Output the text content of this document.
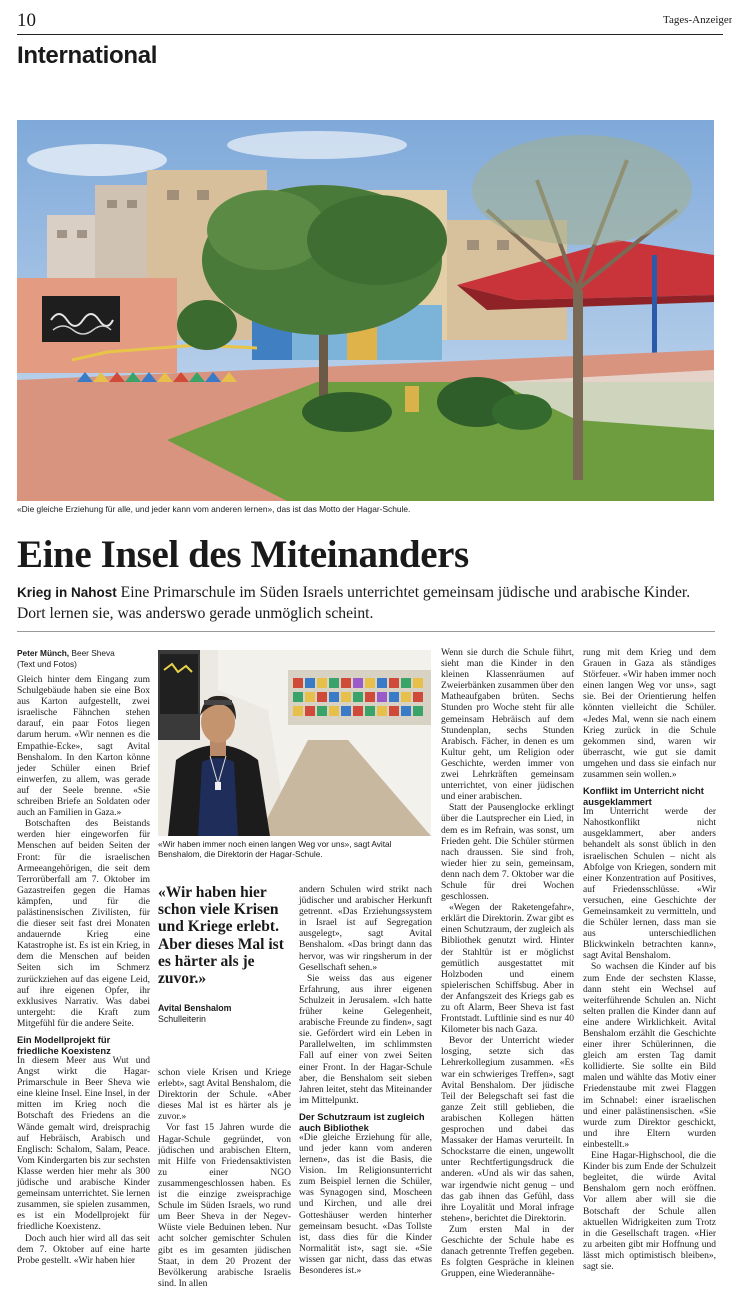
10	Tages-Anzeiger
International
«Die gleiche Erziehung für alle, und jeder kann vom anderen lernen», das ist das Motto der Hagar-Schule.
Eine Insel des Miteinanders
Krieg in Nahost Eine Primarschule im Süden Israels unterrichtet gemeinsam jüdische und arabische Kinder. Dort lernen sie, was anderswo gerade unmöglich scheint.
Peter Münch, Beer Sheva
(Text und Fotos)

Gleich hinter dem Eingang zum Schulgebäude haben sie eine Box aus Karton aufgestellt, zwei israelische Fähnchen stehen darauf, ein paar Fotos liegen darum herum. «Wir nennen es die Empathie-Ecke», sagt Avital Benshalom. In den Karton könne jeder Schüler einen Brief einwerfen, zu allem, was gerade auf der Seele brenne. «Sie schreiben Briefe an Soldaten oder auch an Familien in Gaza.»

Botschaften des Beistands werden hier eingeworfen für Menschen auf beiden Seiten der Front: für die israelischen Armeeangehörigen, die seit dem Terrorüberfall am 7. Oktober im Gazastreifen gegen die Hamas kämpfen, und für die palästinensischen Zivilisten, für die dieser seit fast drei Monaten andauernde Krieg eine Katastrophe ist. Es ist ein Krieg, in dem die Menschen auf beiden Seiten sich im Schmerz zurückziehen auf das eigene Leid, auf ihre eigenen Opfer, ihr exklusives Narrativ. Was dabei untergeht: die Kraft zum Mitgefühl für die andere Seite.

Ein Modellprojekt für friedliche Koexistenz

In diesem Meer aus Wut und Angst wirkt die Hagar-Primarschule in Beer Sheva wie eine kleine Insel. Eine Insel, in der mitten im Krieg noch die Botschaft des Friedens an die Wände gemalt wird, dreisprachig auf Hebräisch, Arabisch und Englisch: Schalom, Salam, Peace. Vom Kindergarten bis zur sechsten Klasse werden hier mehr als 300 jüdische und arabische Kinder gemeinsam unterrichtet. Sie lernen zusammen, sie spielen zusammen, es ist ein Modellprojekt für friedliche Koexistenz.

Doch auch hier wird all das seit dem 7. Oktober auf eine harte Probe gestellt. «Wir haben hier

«Wir haben immer noch einen langen Weg vor uns», sagt Avital Benshalom, die Direktorin der Hagar-Schule.
«Wir haben hier schon viele Krisen und Kriege erlebt. Aber dieses Mal ist es härter als je zuvor.»
Avital Benshalom
Schulleiterin

schon viele Krisen und Kriege erlebt», sagt Avital Benshalom, die Direktorin der Schule. «Aber dieses Mal ist es härter als je zuvor.»

Vor fast 15 Jahren wurde die Hagar-Schule gegründet, von jüdischen und arabischen Eltern, mit Hilfe von Friedensaktivisten zu einer NGO zusammengeschlossen haben. Es ist die einzige zweisprachige Schule im Süden Israels, wo rund um Beer Sheva in der Negev-Wüste viele Beduinen leben. Nur acht solcher gemischter Schulen gibt es im gesamten jüdischen Staat, in dem 20 Prozent der Bevölkerung arabische Israelis sind. In allen

andern Schulen wird strikt nach jüdischer und arabischer Herkunft getrennt. «Das Erziehungssystem in Israel ist auf Segregation ausgelegt», sagt Avital Benshalom. «Das bringt dann das hervor, was wir ringsherum in der Gesellschaft sehen.»

Sie weiss das aus eigener Erfahrung, aus ihrer eigenen Schulzeit in Jerusalem. «Ich hatte früher keine Gelegenheit, arabische Freunde zu finden», sagt sie. Gefördert wird ein Leben in Parallelwelten, im schlimmsten Fall auf einer von zwei Seiten einer Front. In der Hagar-Schule aber, die Benshalom seit sieben Jahren leitet, steht das Miteinander im Mittelpunkt.

Der Schutzraum ist zugleich auch Bibliothek

«Die gleiche Erziehung für alle, und jeder kann vom anderen lernen», das ist die Basis, die Vision. Im Religionsunterricht zum Beispiel lernen die Schüler, was Synagogen sind, Moscheen und Kirchen, und alle drei Gotteshäuser werden hinterher gemeinsam besucht. «Das Tollste ist, dass dies für die Kinder Normalität ist», sagt sie. «Sie wissen gar nicht, dass das etwas Besonderes ist.»

Wenn sie durch die Schule führt, sieht man die Kinder in den kleinen Klassenräumen auf Zweierbänken zusammen über den Matheaufgaben brüten. Sechs Stunden pro Woche steht für alle gemeinsam Hebräisch auf dem Stundenplan, sechs Stunden Arabisch. Fächer, in denen es um Kultur geht, um Religion oder Geschichte, werden immer von zwei Lehrkräften gemeinsam unterrichtet, von einer jüdischen und einer arabischen.

Statt der Pausenglocke erklingt über die Lautsprecher ein Lied, in dem es im Refrain, was sonst, um Frieden geht. Die Schüler stürmen nach draussen. Sie sind froh, wieder hier zu sein, gemeinsam, denn nach dem 7. Oktober war die Schule für drei Wochen geschlossen.

«Wegen der Raketengefahr», erklärt die Direktorin. Zwar gibt es einen Schutzraum, der zugleich als Bibliothek genutzt wird. Hinter der Stahltür ist er möglichst gemütlich ausgestattet mit Holzboden und einem spielerischen Schiffsbug. Aber in der Anfangszeit des Kriegs gab es zu oft Alarm, Beer Sheva ist fast Frontstadt. Luftlinie sind es nur 40 Kilometer bis nach Gaza.

Bevor der Unterricht wieder losging, setzte sich das Lehrerkollegium zusammen. «Es war ein schwieriges Treffen», sagt Avital Benshalom. Der jüdische Teil der Belegschaft sei fast die ganze Zeit still geblieben, die arabischen Kollegen hätten gesprochen und dabei das Massaker der Hamas verurteilt. In Schockstarre die einen, ungewollt unter Rechtfertigungsdruck die anderen. «Und als wir das sahen, war irgendwie nicht genug – und das gab ihnen das Gefühl, dass ihre Loyalität und Moral infrage stehen», berichtet die Direktorin.

Zum ersten Mal in der Geschichte der Schule habe es danach getrennte Treffen gegeben. Es folgten Gespräche in kleinen Gruppen, eine Wiederannähe-

rung mit dem Krieg und dem Grauen in Gaza als ständiges Störfeuer. «Wir haben immer noch einen langen Weg vor uns», sagt sie. Bei der Orientierung helfen könnten vielleicht die Schüler. «Jedes Mal, wenn sie nach einem Krieg zurück in die Schule gekommen sind, waren wir überrascht, wie gut sie damit umgehen und dass sie einfach nur zusammen sein wollen.»

Konflikt im Unterricht nicht ausgeklammert

Im Unterricht werde der Nahostkonflikt nicht ausgeklammert, aber anders behandelt als sonst üblich in den israelischen Schulen – nicht als Abfolge von Kriegen, sondern mit einer Konzentration auf Positives, auf Friedensschlüsse. «Wir versuchen, eine Geschichte der Gemeinsamkeit zu vermitteln, und die Schüler lernen, dass man sie aus unterschiedlichen Blickwinkeln betrachten kann», sagt Avital Benshalom.

So wachsen die Kinder auf bis zum Ende der sechsten Klasse, dann steht ein Wechsel auf weiterführende Schulen an. Nicht selten prallen die Kinder dann auf eine andere Wirklichkeit. Avital Benshalom erzählt die Geschichte einer ihrer Schülerinnen, die gleich am ersten Tag damit kollidierte. Sie sollte ein Bild malen und wählte das Motiv einer Friedenstaube mit zwei Flaggen im Schnabel: einer israelischen und einer palästinensischen. «Sie wurde zum Direktor geschickt, und ihre Eltern wurden einbestellt.»

Eine Hagar-Highschool, die die Kinder bis zum Ende der Schulzeit begleitet, die würde Avital Benshalom gern noch eröffnen. Vor allem aber will sie die Botschaft der Schule allen aktuellen Widrigkeiten zum Trotz in die Gesellschaft tragen. «Hier zu arbeiten gibt mir Hoffnung und lässt mich optimistisch bleiben», sagt sie.
